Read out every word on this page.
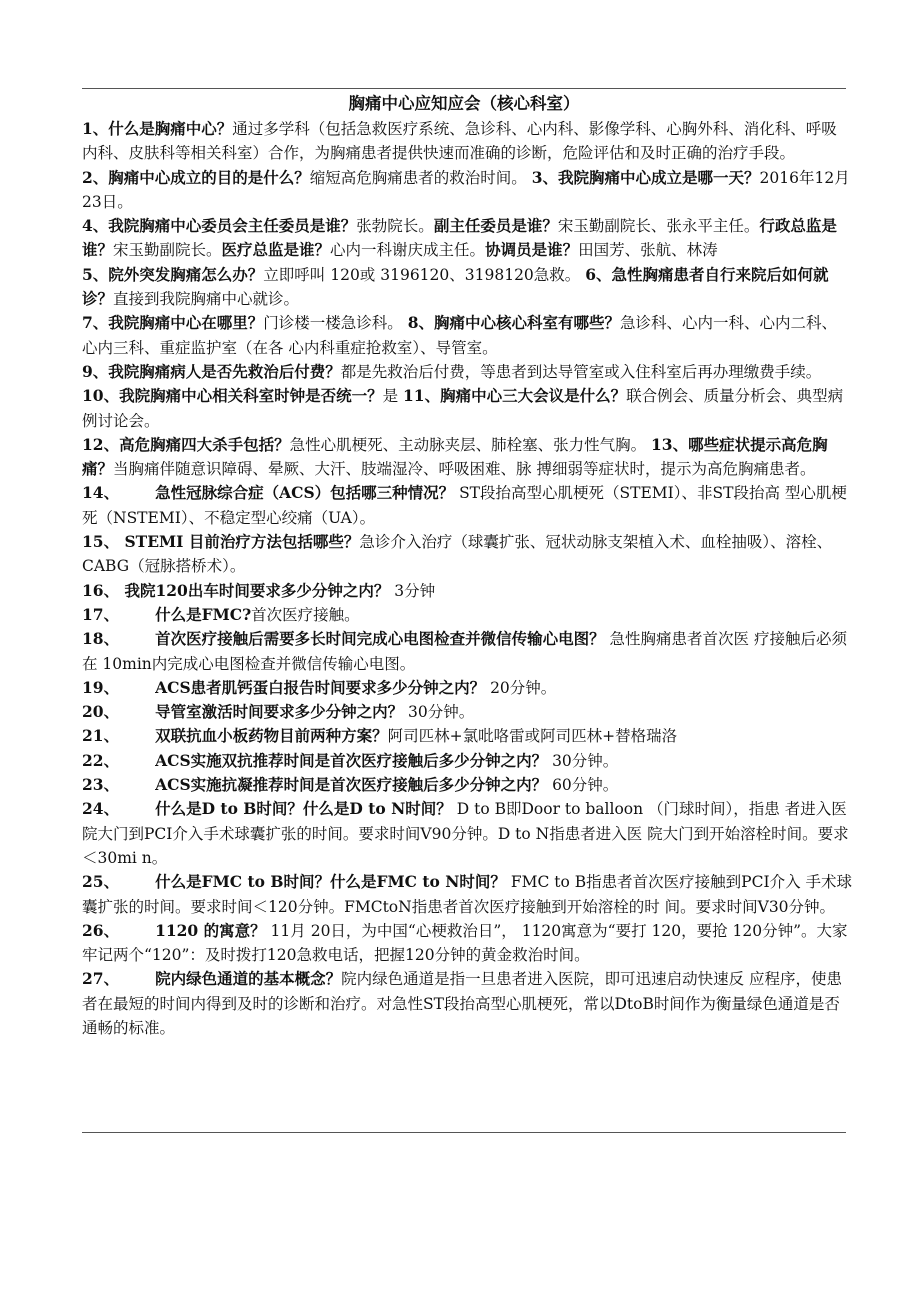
胸痛中心应知应会（核心科室）

1、什么是胸痛中心？通过多学科（包括急救医疗系统、急诊科、心内科、影像学科、心胸外科、消化科、呼吸内科、皮肤科等相关科室）合作，为胸痛患者提供快速而准确的诊断，危险评估和及时正确的治疗手段。

2、胸痛中心成立的目的是什么？缩短高危胸痛患者的救治时间。 3、我院胸痛中心成立是哪一天？2016年12月23日。

4、我院胸痛中心委员会主任委员是谁？张勃院长。副主任委员是谁？宋玉勤副院长、张永平主任。行政总监是谁？宋玉勤副院长。医疗总监是谁？心内一科谢庆成主任。协调员是谁？田国芳、张航、林涛

5、院外突发胸痛怎么办？立即呼叫 120或 3196120、3198120急救。 6、急性胸痛患者自行来院后如何就诊？直接到我院胸痛中心就诊。

7、我院胸痛中心在哪里？门诊楼一楼急诊科。 8、胸痛中心核心科室有哪些？急诊科、心内一科、心内二科、心内三科、重症监护室（在各 心内科重症抢救室）、导管室。

9、我院胸痛病人是否先救治后付费？都是先救治后付费，等患者到达导管室或入住科室后再办理缴费手续。

10、我院胸痛中心相关科室时钟是否统一？是 11、胸痛中心三大会议是什么？联合例会、质量分析会、典型病例讨论会。

12、高危胸痛四大杀手包括？急性心肌梗死、主动脉夹层、肺栓塞、张力性气胸。 13、哪些症状提示高危胸痛？当胸痛伴随意识障碍、晕厥、大汗、肢端湿冷、呼吸困难、脉 搏细弱等症状时，提示为高危胸痛患者。

14、 急性冠脉综合症（ACS）包括哪三种情况？ ST段抬高型心肌梗死（STEMI）、非ST段抬高 型心肌梗死（NSTEMI）、不稳定型心绞痛（UA）。

15、 STEMI 目前治疗方法包括哪些？急诊介入治疗（球囊扩张、冠状动脉支架植入术、血栓抽吸）、溶栓、CABG（冠脉搭桥术）。

16、 我院120出车时间要求多少分钟之内？ 3分钟

17、 什么是FMC?首次医疗接触。

18、 首次医疗接触后需要多长时间完成心电图检查并微信传输心电图？ 急性胸痛患者首次医 疗接触后必须在 10min内完成心电图检查并微信传输心电图。

19、 ACS患者肌钙蛋白报告时间要求多少分钟之内？ 20分钟。

20、 导管室激活时间要求多少分钟之内？ 30分钟。

21、 双联抗血小板药物目前两种方案？阿司匹林+氯吡咯雷或阿司匹林+替格瑞洛

22、 ACS实施双抗推荐时间是首次医疗接触后多少分钟之内？ 30分钟。

23、 ACS实施抗凝推荐时间是首次医疗接触后多少分钟之内？ 60分钟。

24、 什么是D to B时间？什么是D to N时间？ D to B即Door to balloon （门球时间），指患 者进入医院大门到PCI介入手术球囊扩张的时间。要求时间V90分钟。D to N指患者进入医 院大门到开始溶栓时间。要求＜30mi n。

25、 什么是FMC to B时间？什么是FMC to N时间？ FMC to B指患者首次医疗接触到PCI介入 手术球囊扩张的时间。要求时间＜120分钟。FMCtoN指患者首次医疗接触到开始溶栓的时 间。要求时间V30分钟。

26、 1120 的寓意？ 11月 20日，为中国“心梗救治日”， 1120寓意为“要打 120，要抢 120分钟”。大家牢记两个“120”：及时拨打120急救电话，把握120分钟的黄金救治时间。

27、 院内绿色通道的基本概念？院内绿色通道是指一旦患者进入医院，即可迅速启动快速反 应程序，使患者在最短的时间内得到及时的诊断和治疗。对急性ST段抬高型心肌梗死，常以DtoB时间作为衡量绿色通道是否通畅的标准。
